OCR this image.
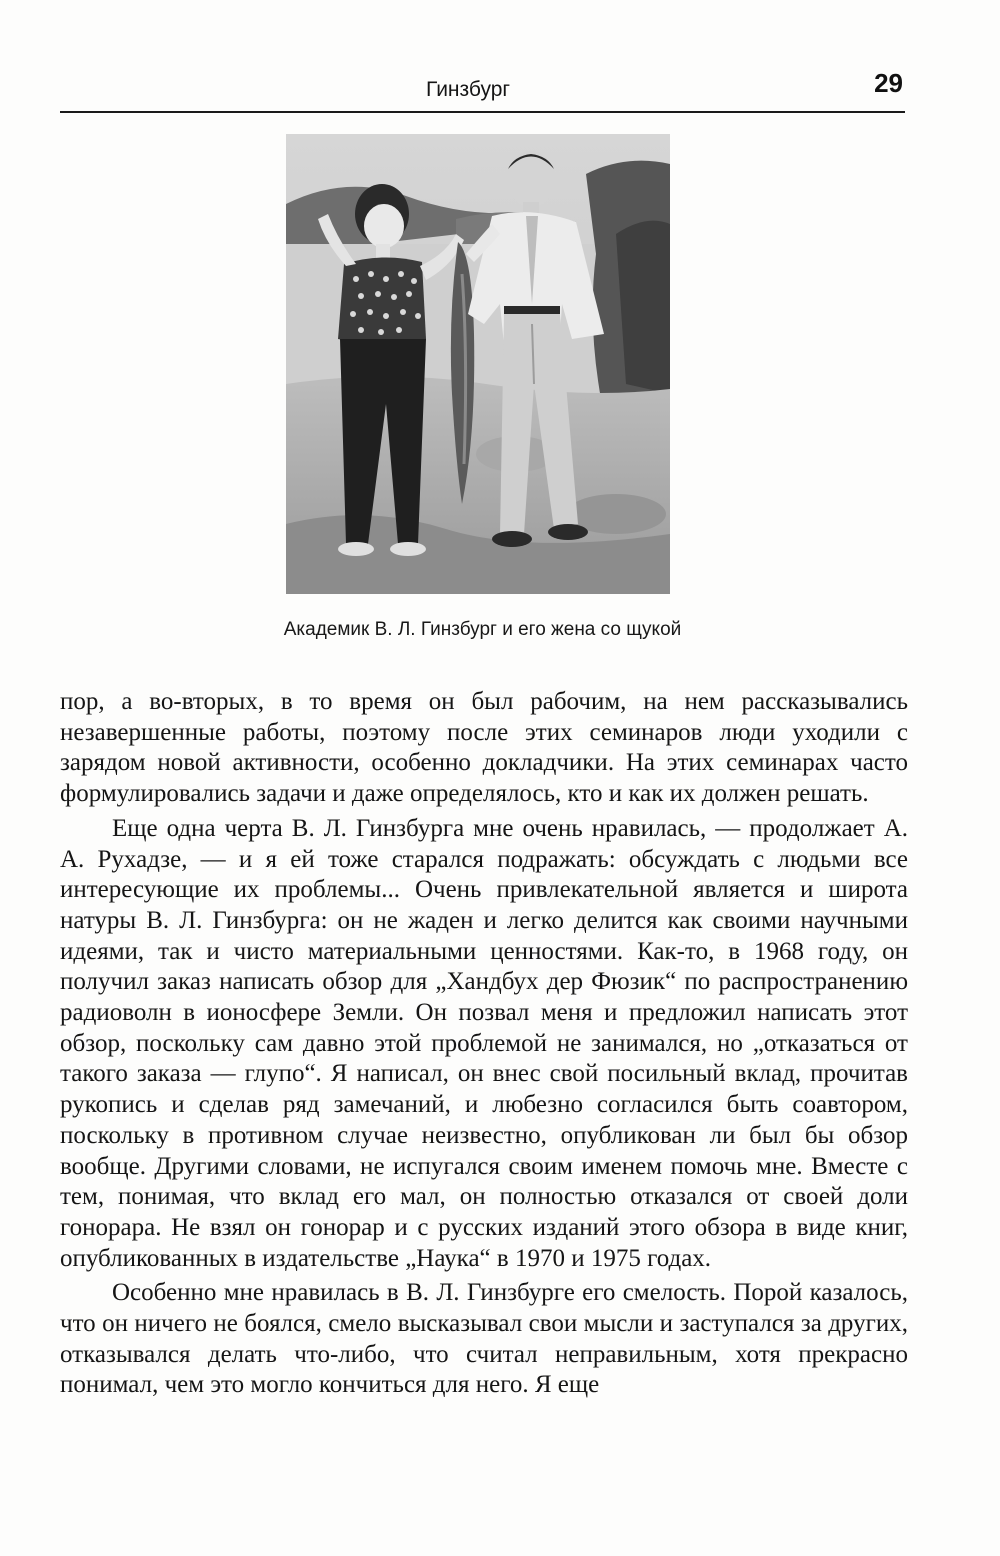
Гинзбург	29
Академик В. Л. Гинзбург и его жена со щукой

пор, а во-вторых, в то время он был рабочим, на нем рассказывались незавершенные работы, поэтому после этих семинаров люди уходили с зарядом новой активности, особенно докладчики. На этих семинарах часто формулировались задачи и даже определялось, кто и как их должен решать.

Еще одна черта В. Л. Гинзбурга мне очень нравилась, — продолжает А. А. Рухадзе, — и я ей тоже старался подражать: обсуждать с людьми все интересующие их проблемы... Очень привлекательной является и широта натуры В. Л. Гинзбурга: он не жаден и легко делится как своими научными идеями, так и чисто материальными ценностями. Как-то, в 1968 году, он получил заказ написать обзор для „Хандбух дер Фюзик“ по распространению радиоволн в ионосфере Земли. Он позвал меня и предложил написать этот обзор, поскольку сам давно этой проблемой не занимался, но „отказаться от такого заказа — глупо“. Я написал, он внес свой посильный вклад, прочитав рукопись и сделав ряд замечаний, и любезно согласился быть соавтором, поскольку в противном случае неизвестно, опубликован ли был бы обзор вообще. Другими словами, не испугался своим именем помочь мне. Вместе с тем, понимая, что вклад его мал, он полностью отказался от своей доли гонорара. Не взял он гонорар и с русских изданий этого обзора в виде книг, опубликованных в издательстве „Наука“ в 1970 и 1975 годах.

Особенно мне нравилась в В. Л. Гинзбурге его смелость. Порой казалось, что он ничего не боялся, смело высказывал свои мысли и заступался за других, отказывался делать что-либо, что считал неправильным, хотя прекрасно понимал, чем это могло кончиться для него. Я еще
